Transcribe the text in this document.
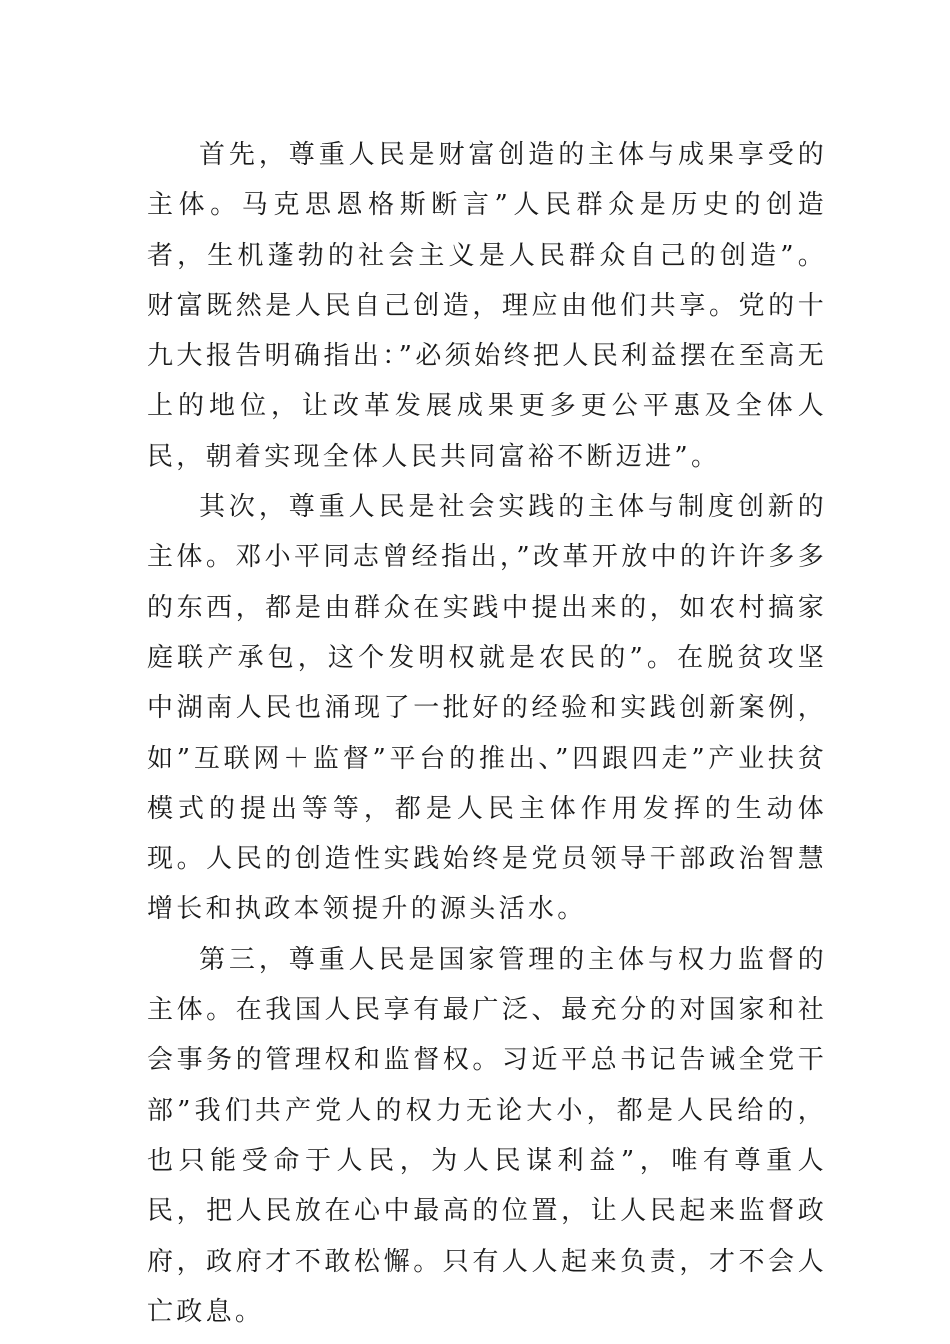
首先，尊重人民是财富创造的主体与成果享受的主体。马克思恩格斯断言”人民群众是历史的创造者，生机蓬勃的社会主义是人民群众自己的创造”。财富既然是人民自己创造，理应由他们共享。党的十九大报告明确指出：”必须始终把人民利益摆在至高无上的地位，让改革发展成果更多更公平惠及全体人民，朝着实现全体人民共同富裕不断迈进”。

其次，尊重人民是社会实践的主体与制度创新的主体。邓小平同志曾经指出，”改革开放中的许许多多的东西，都是由群众在实践中提出来的，如农村搞家庭联产承包，这个发明权就是农民的”。在脱贫攻坚中湖南人民也涌现了一批好的经验和实践创新案例，如”互联网＋监督”平台的推出、”四跟四走”产业扶贫模式的提出等等，都是人民主体作用发挥的生动体现。人民的创造性实践始终是党员领导干部政治智慧增长和执政本领提升的源头活水。

第三，尊重人民是国家管理的主体与权力监督的主体。在我国人民享有最广泛、最充分的对国家和社会事务的管理权和监督权。习近平总书记告诫全党干部”我们共产党人的权力无论大小，都是人民给的，也只能受命于人民，为人民谋利益”，唯有尊重人民，把人民放在心中最高的位置，让人民起来监督政府，政府才不敢松懈。只有人人起来负责，才不会人亡政息。
